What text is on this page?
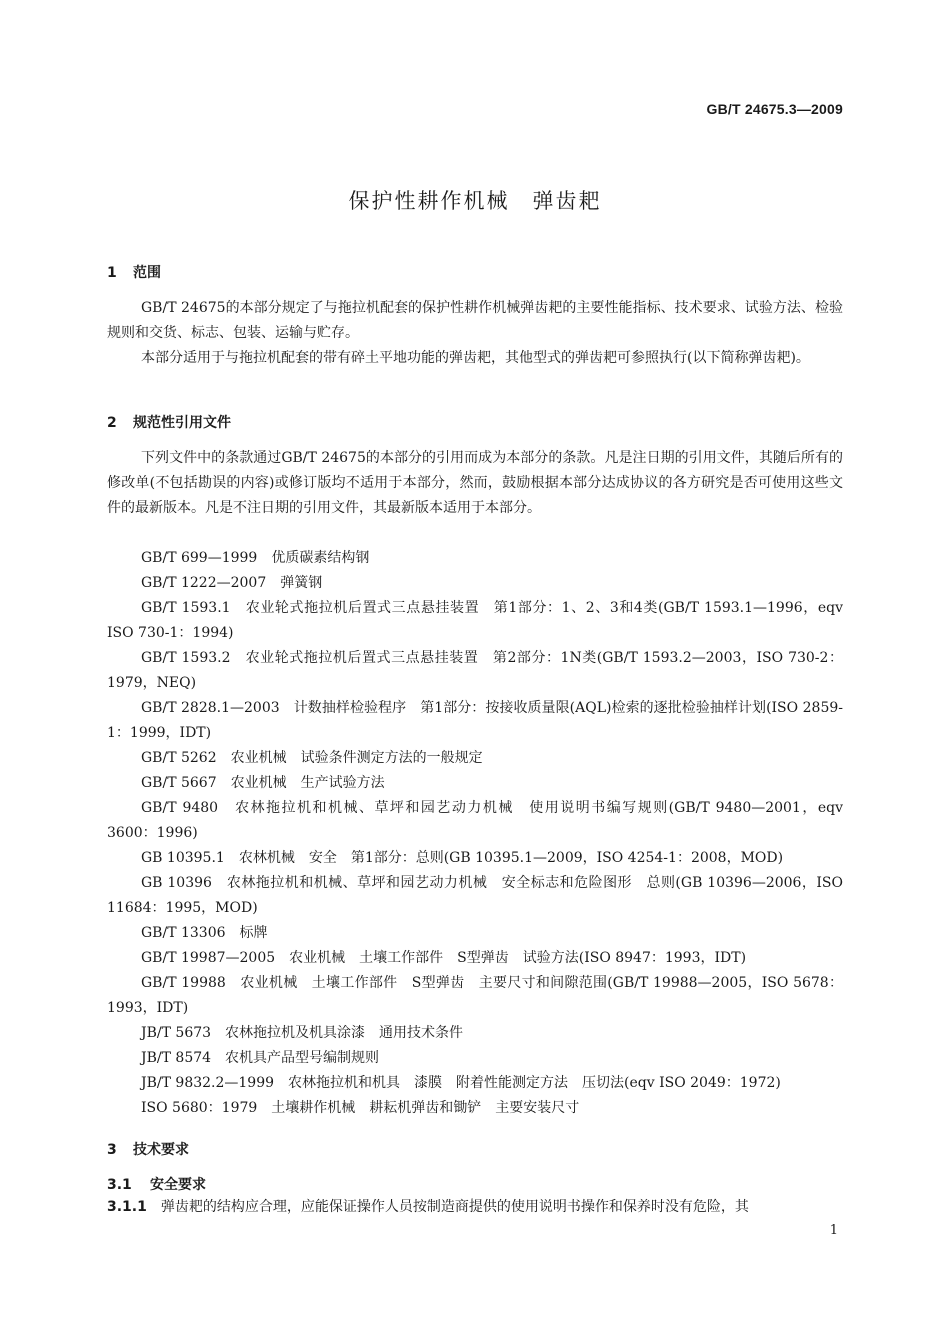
GB/T 24675.3—2009
保护性耕作机械　弹齿耙
1 范围

GB/T 24675的本部分规定了与拖拉机配套的保护性耕作机械弹齿耙的主要性能指标、技术要求、试验方法、检验规则和交货、标志、包装、运输与贮存。

本部分适用于与拖拉机配套的带有碎土平地功能的弹齿耙，其他型式的弹齿耙可参照执行(以下简称弹齿耙)。

2 规范性引用文件

下列文件中的条款通过GB/T 24675的本部分的引用而成为本部分的条款。凡是注日期的引用文件，其随后所有的修改单(不包括勘误的内容)或修订版均不适用于本部分，然而，鼓励根据本部分达成协议的各方研究是否可使用这些文件的最新版本。凡是不注日期的引用文件，其最新版本适用于本部分。

GB/T 699—1999　优质碳素结构钢
GB/T 1222—2007　弹簧钢
GB/T 1593.1　农业轮式拖拉机后置式三点悬挂装置　第1部分：1、2、3和4类(GB/T 1593.1—1996，eqv ISO 730-1：1994)
GB/T 1593.2　农业轮式拖拉机后置式三点悬挂装置　第2部分：1N类(GB/T 1593.2—2003，ISO 730-2：1979，NEQ)
GB/T 2828.1—2003　计数抽样检验程序　第1部分：按接收质量限(AQL)检索的逐批检验抽样计划(ISO 2859-1：1999，IDT)
GB/T 5262　农业机械　试验条件测定方法的一般规定
GB/T 5667　农业机械　生产试验方法
GB/T 9480　农林拖拉机和机械、草坪和园艺动力机械　使用说明书编写规则(GB/T 9480—2001，eqv 3600：1996)
GB 10395.1　农林机械　安全　第1部分：总则(GB 10395.1—2009，ISO 4254-1：2008，MOD)
GB 10396　农林拖拉机和机械、草坪和园艺动力机械　安全标志和危险图形　总则(GB 10396—2006，ISO 11684：1995，MOD)
GB/T 13306　标牌
GB/T 19987—2005　农业机械　土壤工作部件　S型弹齿　试验方法(ISO 8947：1993，IDT)
GB/T 19988　农业机械　土壤工作部件　S型弹齿　主要尺寸和间隙范围(GB/T 19988—2005，ISO 5678：1993，IDT)
JB/T 5673　农林拖拉机及机具涂漆　通用技术条件
JB/T 8574　农机具产品型号编制规则
JB/T 9832.2—1999　农林拖拉机和机具　漆膜　附着性能测定方法　压切法(eqv ISO 2049：1972)
ISO 5680：1979　土壤耕作机械　耕耘机弹齿和锄铲　主要安装尺寸
3 技术要求
3.1 安全要求

3.1.1 弹齿耙的结构应合理，应能保证操作人员按制造商提供的使用说明书操作和保养时没有危险，其

1
